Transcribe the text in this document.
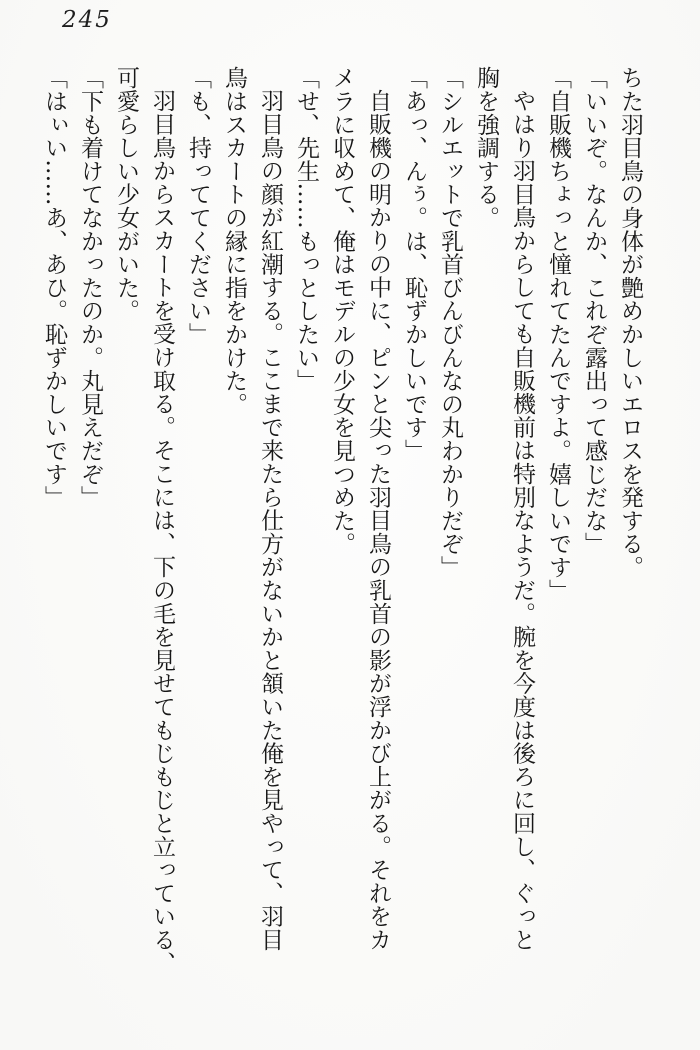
245
ちた羽目鳥の身体が艶めかしいエロスを発する。
「いいぞ。なんか、これぞ露出って感じだな」
「自販機ちょっと憧れてたんですよ。嬉しいです」
やはり羽目鳥からしても自販機前は特別なようだ。腕を今度は後ろに回し、ぐっと
胸を強調する。
「シルエットで乳首びんびんなの丸わかりだぞ」
「あっ、んぅ。は、恥ずかしいです」
自販機の明かりの中に、ピンと尖った羽目鳥の乳首の影が浮かび上がる。それをカ
メラに収めて、俺はモデルの少女を見つめた。
「せ、先生……もっとしたい」
羽目鳥の顔が紅潮する。ここまで来たら仕方がないかと頷いた俺を見やって、羽目
鳥はスカートの縁に指をかけた。
「も、持っててください」
羽目鳥からスカートを受け取る。そこには、下の毛を見せてもじもじと立っている、
可愛らしい少女がいた。
「下も着けてなかったのか。丸見えだぞ」
「はぃい……あ、あひ。恥ずかしいです」
